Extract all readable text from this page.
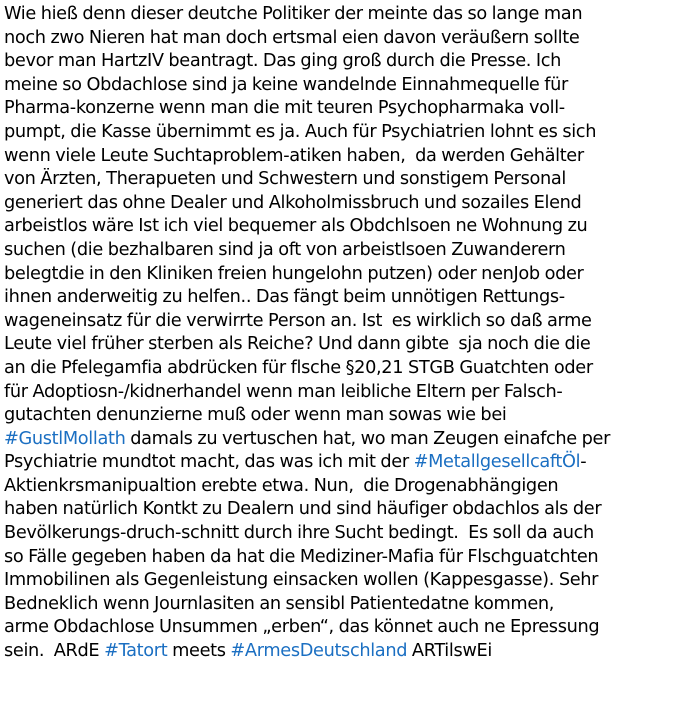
Wie hieß denn dieser deutche Politiker der meinte das so lange man
noch zwo Nieren hat man doch ertsmal eien davon veräußern sollte
bevor man HartzIV beantragt. Das ging groß durch die Presse. Ich
meine so Obdachlose sind ja keine wandelnde Einnahmequelle für
Pharma-konzerne wenn man die mit teuren Psychopharmaka voll-
pumpt, die Kasse übernimmt es ja. Auch für Psychiatrien lohnt es sich
wenn viele Leute Suchtaproblem-atiken haben,  da werden Gehälter
von Ärzten, Therapueten und Schwestern und sonstigem Personal
generiert das ohne Dealer und Alkoholmissbruch und sozailes Elend
arbeistlos wäre Ist ich viel bequemer als Obdchlsoen ne Wohnung zu
suchen (die bezhalbaren sind ja oft von arbeistlsoen Zuwanderern
belegtdie in den Kliniken freien hungelohn putzen) oder nenJob oder
ihnen anderweitig zu helfen.. Das fängt beim unnötigen Rettungs-
wageneinsatz für die verwirrte Person an. Ist  es wirklich so daß arme
Leute viel früher sterben als Reiche? Und dann gibte  sja noch die die
an die Pfelegamfia abdrücken für flsche §20,21 STGB Guatchten oder
für Adoptiosn-/kidnerhandel wenn man leibliche Eltern per Falsch-
gutachten denunzierne muß oder wenn man sowas wie bei
#GustlMollath damals zu vertuschen hat, wo man Zeugen einafche per
Psychiatrie mundtot macht, das was ich mit der #MetallgesellcaftÖl-
Aktienkrsmanipualtion erebte etwa. Nun,  die Drogenabhängigen
haben natürlich Kontkt zu Dealern und sind häufiger obdachlos als der
Bevölkerungs-druch-schnitt durch ihre Sucht bedingt.  Es soll da auch
so Fälle gegeben haben da hat die Mediziner-Mafia für Flschguatchten
Immobilinen als Gegenleistung einsacken wollen (Kappesgasse). Sehr
Bedneklich wenn Journlasiten an sensibl Patientedatne kommen,
arme Obdachlose Unsummen „erben“, das könnet auch ne Epressung
sein.  ARdE #Tatort meets #ArmesDeutschland ARTilswEi
